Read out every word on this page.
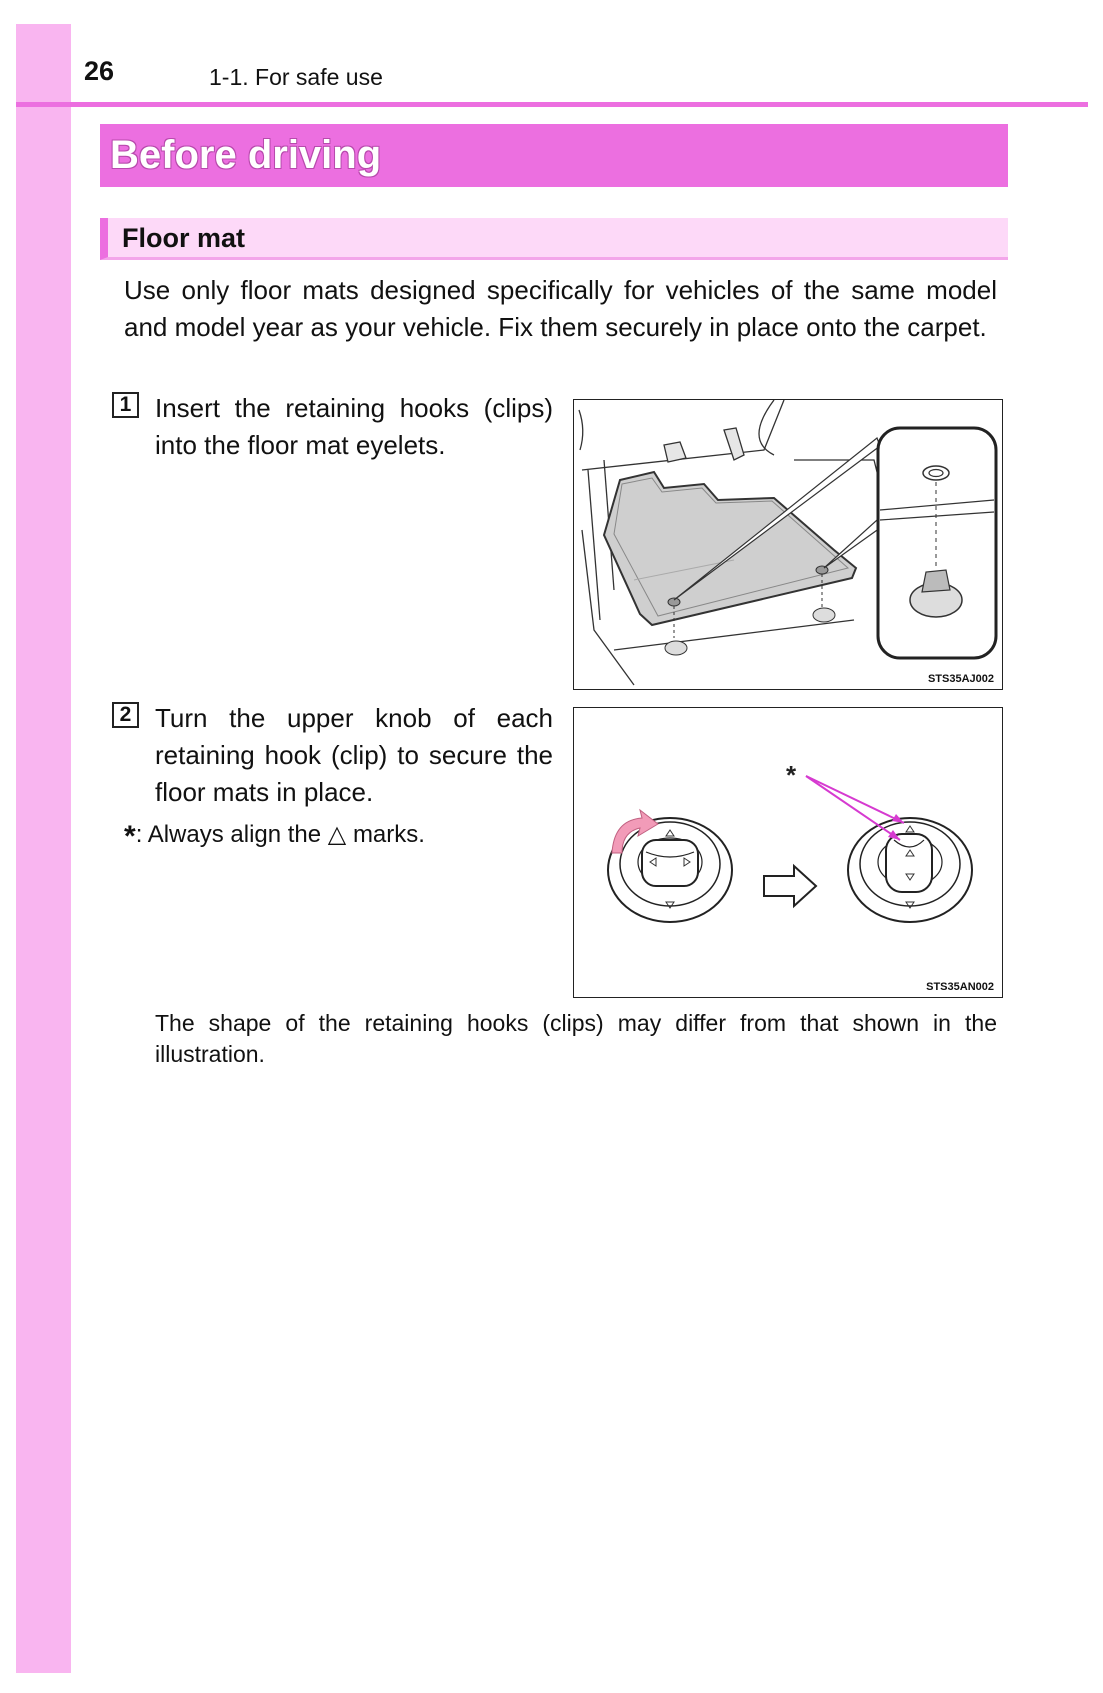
26	1-1. For safe use
Before driving
Floor mat
Use only floor mats designed specifically for vehicles of the same model and model year as your vehicle. Fix them securely in place onto the carpet.
1 Insert the retaining hooks (clips) into the floor mat eyelets.
STS35AJ002
2 Turn the upper knob of each retaining hook (clip) to secure the floor mats in place.
*: Always align the △ marks.
*
STS35AN002
The shape of the retaining hooks (clips) may differ from that shown in the illustration.
